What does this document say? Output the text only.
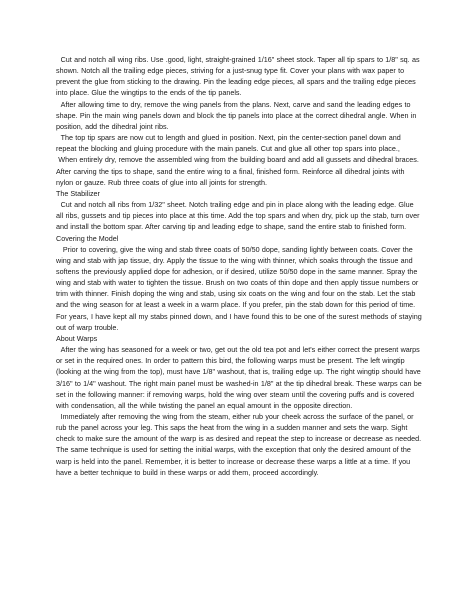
Cut and notch all wing ribs. Use .good, light, straight-grained 1/16" sheet stock. Taper all tip spars to 1/8" sq. as shown. Notch all the trailing edge pieces, striving for a just-snug type fit. Cover your plans with wax paper to prevent the glue from sticking to the drawing. Pin the leading edge pieces, all spars and the trailing edge pieces into place. Glue the wingtips to the ends of the tip panels.

After allowing time to dry, remove the wing panels from the plans. Next, carve and sand the leading edges to shape. Pin the main wing panels down and block the tip panels into place at the correct dihedral angle. When in position, add the dihedral joint ribs.

The top tip spars are now cut to length and glued in position. Next, pin the center-section panel down and repeat the blocking and gluing procedure with the main panels. Cut and glue all other top spars into place.,

When entirely dry, remove the assembled wing from the building board and add all gussets and dihedral braces. After carving the tips to shape, sand the entire wing to a final, finished form. Reinforce all dihedral joints with nylon or gauze. Rub three coats of glue into all joints for strength.

The Stabilizer

Cut and notch all ribs from 1/32" sheet. Notch trailing edge and pin in place along with the leading edge. Glue all ribs, gussets and tip pieces into place at this time. Add the top spars and when dry, pick up the stab, turn over and install the bottom spar. After carving tip and leading edge to shape, sand the entire stab to finished form.

Covering the Model

Prior to covering, give the wing and stab three coats of 50/50 dope, sanding lightly between coats. Cover the wing and stab with jap tissue, dry. Apply the tissue to the wing with thinner, which soaks through the tissue and softens the previously applied dope for adhesion, or if desired, utilize 50/50 dope in the same manner. Spray the wing and stab with water to tighten the tissue. Brush on two coats of thin dope and then apply tissue numbers or trim with thinner. Finish doping the wing and stab, using six coats on the wing and four on the stab. Let the stab and the wing season for at least a week in a warm place. If you prefer, pin the stab down for this period of time. For years, I have kept all my stabs pinned down, and I have found this to be one of the surest methods of staying out of warp trouble.

About Warps

After the wing has seasoned for a week or two, get out the old tea pot and let's either correct the present warps or set in the required ones. In order to pattern this bird, the following warps must be present. The left wingtip (looking at the wing from the top), must have 1/8" washout, that is, trailing edge up. The right wingtip should have 3/16" to 1/4" washout. The right main panel must be washed-in 1/8" at the tip dihedral break. These warps can be set in the following manner: if removing warps, hold the wing over steam until the covering puffs and is covered with condensation, all the while twisting the panel an equal amount in the opposite direction.

Immediately after removing the wing from the steam, either rub your cheek across the surface of the panel, or rub the panel across your leg. This saps the heat from the wing in a sudden manner and sets the warp. Sight check to make sure the amount of the warp is as desired and repeat the step to increase or decrease as needed. The same technique is used for setting the initial warps, with the exception that only the desired amount of the warp is held into the panel. Remember, it is better to increase or decrease these warps a little at a time. If you have a better technique to build in these warps or add them, proceed accordingly.
